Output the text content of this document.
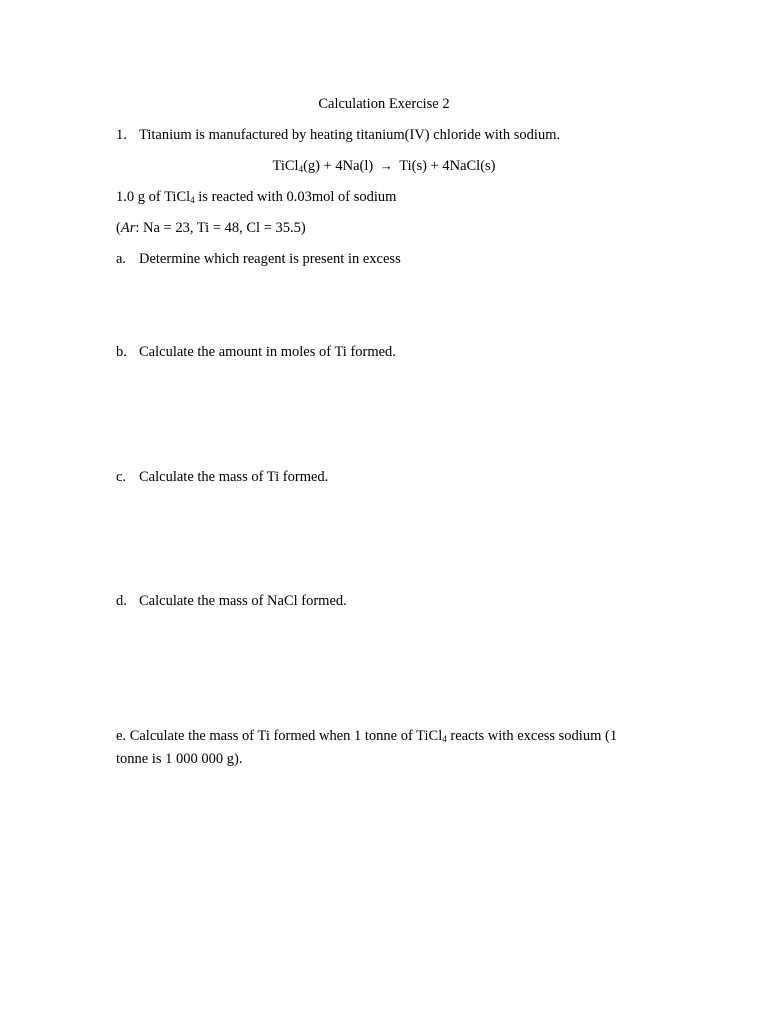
Calculation Exercise 2
1. Titanium is manufactured by heating titanium(IV) chloride with sodium.
TiCl$_4$(g) + 4Na(l) → Ti(s) + 4NaCl(s)
1.0 g of TiCl$_4$ is reacted with 0.03mol of sodium
(Ar: Na = 23, Ti = 48, Cl = 35.5)
a. Determine which reagent is present in excess
b. Calculate the amount in moles of Ti formed.
c. Calculate the mass of Ti formed.
d. Calculate the mass of NaCl formed.
e. Calculate the mass of Ti formed when 1 tonne of TiCl$_4$ reacts with excess sodium (1 tonne is 1 000 000 g).
